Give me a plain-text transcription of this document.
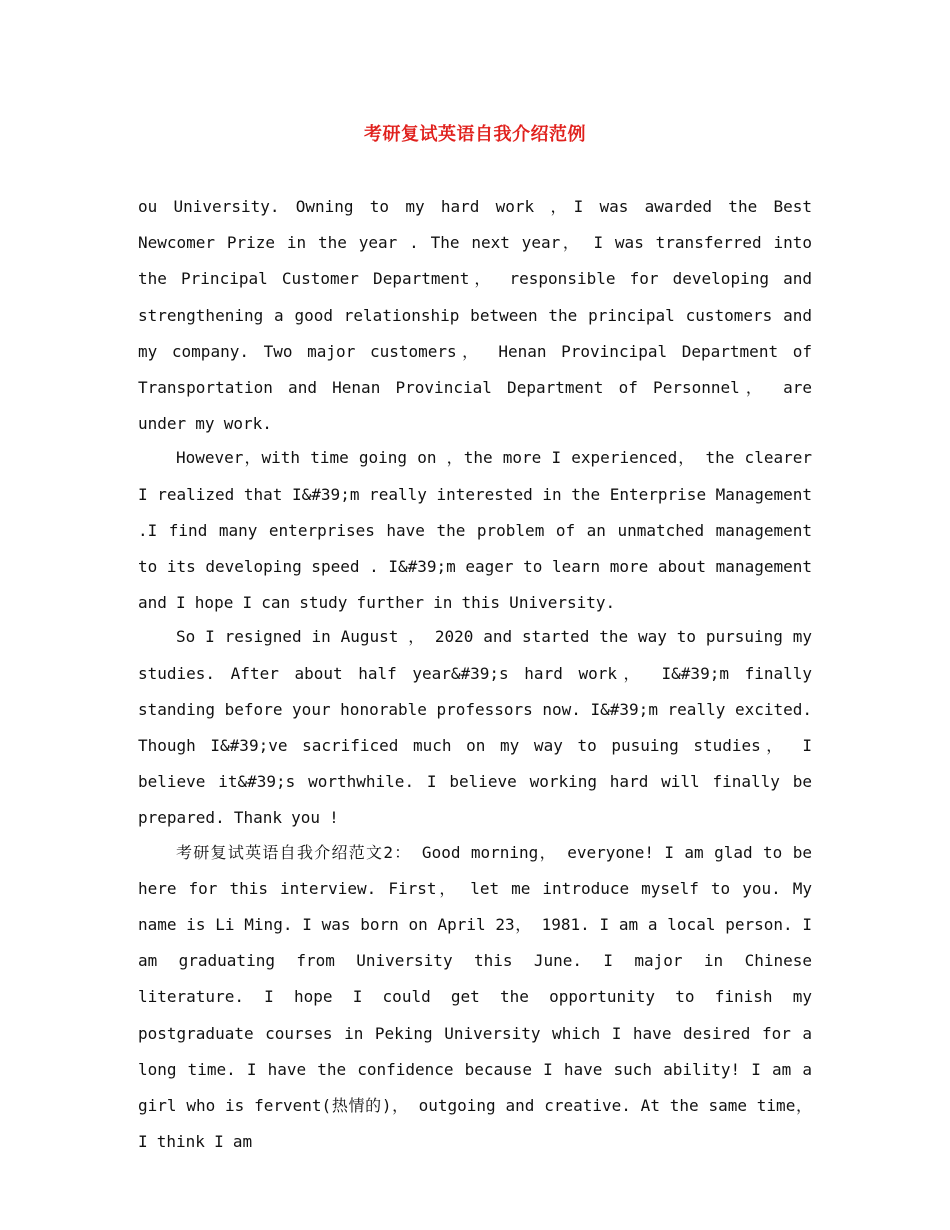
考研复试英语自我介绍范例

ou University. Owning to my hard work ，I was awarded the Best Newcomer Prize in the year . The next year， I was transferred into the Principal Customer Department， responsible for developing and strengthening a good relationship between the principal customers and my company. Two major customers， Henan Provincipal Department of Transportation and Henan Provincial Department of Personnel， are under my work.

However，with time going on ，the more I experienced， the clearer I realized that I&#39;m really interested in the Enterprise Management .I find many enterprises have the problem of an unmatched management to its developing speed . I&#39;m eager to learn more about management and I hope I can study further in this University.

So I resigned in August ， 2020 and started the way to pursuing my studies. After about half year&#39;s hard work， I&#39;m finally standing before your honorable professors now. I&#39;m really excited. Though I&#39;ve sacrificed much on my way to pusuing studies， I believe it&#39;s worthwhile. I believe working hard will finally be prepared. Thank you !

考研复试英语自我介绍范文2： Good morning， everyone! I am glad to be here for this interview. First， let me introduce myself to you. My name is Li Ming. I was born on April 23， 1981. I am a local person. I am graduating from University this June. I major in Chinese literature. I hope I could get the opportunity to finish my postgraduate courses in Peking University which I have desired for a long time. I have the confidence because I have such ability! I am a girl who is fervent(热情的)， outgoing and creative. At the same time， I think I am
